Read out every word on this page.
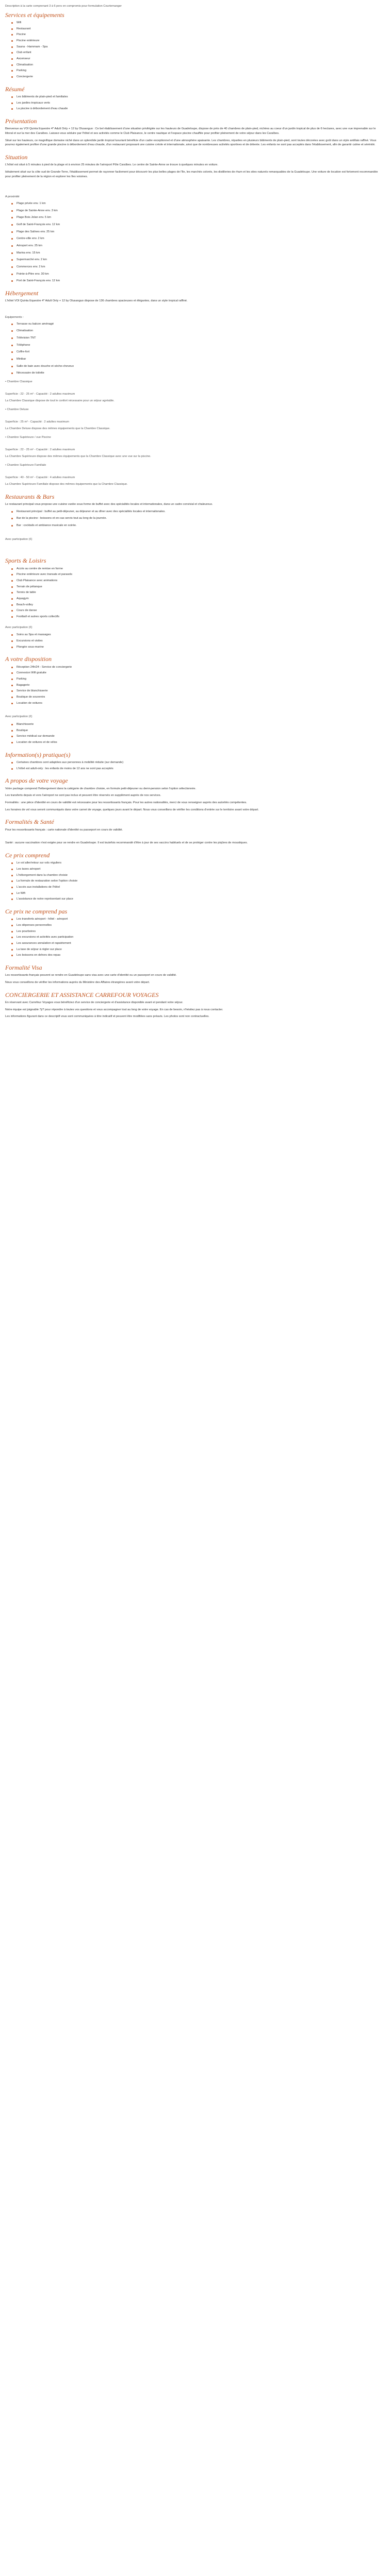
Description à la carte comprenant 3 à 6 pers en compromis pour formulation Courtemanger

Services et équipements
Wifi
Restaurant
Piscine
Piscine extérieure
Sauna - Hammam - Spa
Club enfant
Ascenseur
Climatisation
Parking
Conciergerie
Résumé
Les bâtiments de plain-pied et familiales
Les jardins tropicaux verts
La piscine à débordement d'eau chaude
Présentation

Bienvenue au VOI Quinta Equestre 4* Adult Only + 12 by Olusanguo : Ce bel établissement d'une situation privilégiée sur les hauteurs de Guadeloupe, dispose de près de 40 chambres de plain-pied, nichées au coeur d'un jardin tropical de plus de 6 hectares, avec une vue imprenable sur le littoral et sur la mer des Caraïbes. Laissez-vous séduire par l'hôtel et ses activités comme le Club Plaisance, le centre nautique et l'espace piscine chauffée pour profiter pleinement de votre séjour dans les Caraïbes.

Situé sur les hauteurs, ce magnifique domaine niché dans un splendide jardin tropical luxuriant bénéficie d'un cadre exceptionnel et d'une atmosphère apaisante. Les chambres, réparties en plusieurs bâtiments de plain-pied, sont toutes décorées avec goût dans un style antillais raffiné. Vous pourrez également profiter d'une grande piscine à débordement d'eau chaude, d'un restaurant proposant une cuisine créole et internationale, ainsi que de nombreuses activités sportives et de détente. Les enfants ne sont pas acceptés dans l'établissement, afin de garantir calme et sérénité.

Situation

L'hôtel est situé à 5 minutes à pied de la plage et à environ 25 minutes de l'aéroport Pôle Caraïbes. Le centre de Sainte-Anne se trouve à quelques minutes en voiture.

Idéalement situé sur la côte sud de Grande-Terre, l'établissement permet de rayonner facilement pour découvrir les plus belles plages de l'île, les marchés colorés, les distilleries de rhum et les sites naturels remarquables de la Guadeloupe. Une voiture de location est fortement recommandée pour profiter pleinement de la région et explorer les îles voisines.

A proximité

Plage privée env. 1 km
Plage de Sainte-Anne env. 3 km
Plage Bois Jolan env. 5 km
Golf de Saint-François env. 12 km
Plage des Salines env. 25 km
Centre-ville env. 2 km
Aéroport env. 25 km
Marina env. 15 km
Supermarché env. 2 km
Commerces env. 2 km
Pointe-à-Pitre env. 30 km
Port de Saint-François env. 12 km
Hébergement

L'hôtel VOI Quinta Equestre 4* Adult Only + 12 by Olusanguo dispose de 136 chambres spacieuses et élégantes, dans un style tropical raffiné.

Equipements :

Terrasse ou balcon aménagé
Climatisation
Télévision TNT
Téléphone
Coffre-fort
Minibar
Salle de bain avec douche et sèche-cheveux
Nécessaire de toilette

• Chambre Classique

Superficie : 22 - 25 m² - Capacité : 2 adultes maximum

La Chambre Classique dispose de tout le confort nécessaire pour un séjour agréable.

• Chambre Deluxe

Superficie : 25 m² - Capacité : 2 adultes maximum

La Chambre Deluxe dispose des mêmes équipements que la Chambre Classique.

• Chambre Supérieure / vue Piscine

Superficie : 22 - 25 m² - Capacité : 2 adultes maximum

La Chambre Supérieure dispose des mêmes équipements que la Chambre Classique avec une vue sur la piscine.

• Chambre Supérieure Familiale

Superficie : 40 - 50 m² - Capacité : 4 adultes maximum

La Chambre Supérieure Familiale dispose des mêmes équipements que la Chambre Classique.

Restaurants & Bars

Le restaurant principal vous propose une cuisine variée sous forme de buffet avec des spécialités locales et internationales, dans un cadre convivial et chaleureux.

Restaurant principal : buffet au petit-déjeuner, au déjeuner et au dîner avec des spécialités locales et internationales.
Bar de la piscine : boissons et en-cas servis tout au long de la journée.
Bar : cocktails et ambiance musicale en soirée.

Avec participation (€)

Sports & Loisirs
Accès au centre de remise en forme
Piscine extérieure avec transats et parasols
Club Plaisance avec animations
Terrain de pétanque
Tennis de table
Aquagym
Beach-volley
Cours de danse
Football et autres sports collectifs

Avec participation (€)

Soins au Spa et massages
Excursions et visites
Plongée sous-marine
A votre disposition
Réception 24h/24 - Service de conciergerie
Connexion Wifi gratuite
Parking
Bagagerie
Service de blanchisserie
Boutique de souvenirs
Location de voitures

Avec participation (€)

Blanchisserie
Boutique
Service médical sur demande
Location de voitures et de vélos
Information(s) pratique(s)
Certaines chambres sont adaptées aux personnes à mobilité réduite (sur demande)
L'hôtel est adult-only : les enfants de moins de 12 ans ne sont pas acceptés
A propos de votre voyage

Votre package comprend l'hébergement dans la catégorie de chambre choisie, en formule petit-déjeuner ou demi-pension selon l'option sélectionnée.

Les transferts depuis et vers l'aéroport ne sont pas inclus et peuvent être réservés en supplément auprès de nos services.

Formalités : une pièce d'identité en cours de validité est nécessaire pour les ressortissants français. Pour les autres nationalités, merci de vous renseigner auprès des autorités compétentes.

Les horaires de vol vous seront communiqués dans votre carnet de voyage, quelques jours avant le départ. Nous vous conseillons de vérifier les conditions d'entrée sur le territoire avant votre départ.

Formalités & Santé

Pour les ressortissants français : carte nationale d'identité ou passeport en cours de validité.

Santé : aucune vaccination n'est exigée pour se rendre en Guadeloupe. Il est toutefois recommandé d'être à jour de ses vaccins habituels et de se protéger contre les piqûres de moustiques.

Ce prix comprend
Le vol aller/retour sur vols réguliers
Les taxes aéroport
L'hébergement dans la chambre choisie
La formule de restauration selon l'option choisie
L'accès aux installations de l'hôtel
Le Wifi
L'assistance de notre représentant sur place
Ce prix ne comprend pas
Les transferts aéroport - hôtel - aéroport
Les dépenses personnelles
Les pourboires
Les excursions et activités avec participation
Les assurances annulation et rapatriement
La taxe de séjour à régler sur place
Les boissons en dehors des repas
Formalité Visa

Les ressortissants français peuvent se rendre en Guadeloupe sans visa avec une carte d'identité ou un passeport en cours de validité.

Nous vous conseillons de vérifier les informations auprès du Ministère des Affaires étrangères avant votre départ.

CONCIERGERIE ET ASSISTANCE CARREFOUR VOYAGES

En réservant avec Carrefour Voyages vous bénéficiez d'un service de conciergerie et d'assistance disponible avant et pendant votre séjour.

Notre équipe est joignable 7j/7 pour répondre à toutes vos questions et vous accompagner tout au long de votre voyage. En cas de besoin, n'hésitez pas à nous contacter.

Les informations figurant dans ce descriptif vous sont communiquées à titre indicatif et peuvent être modifiées sans préavis. Les photos sont non contractuelles.
